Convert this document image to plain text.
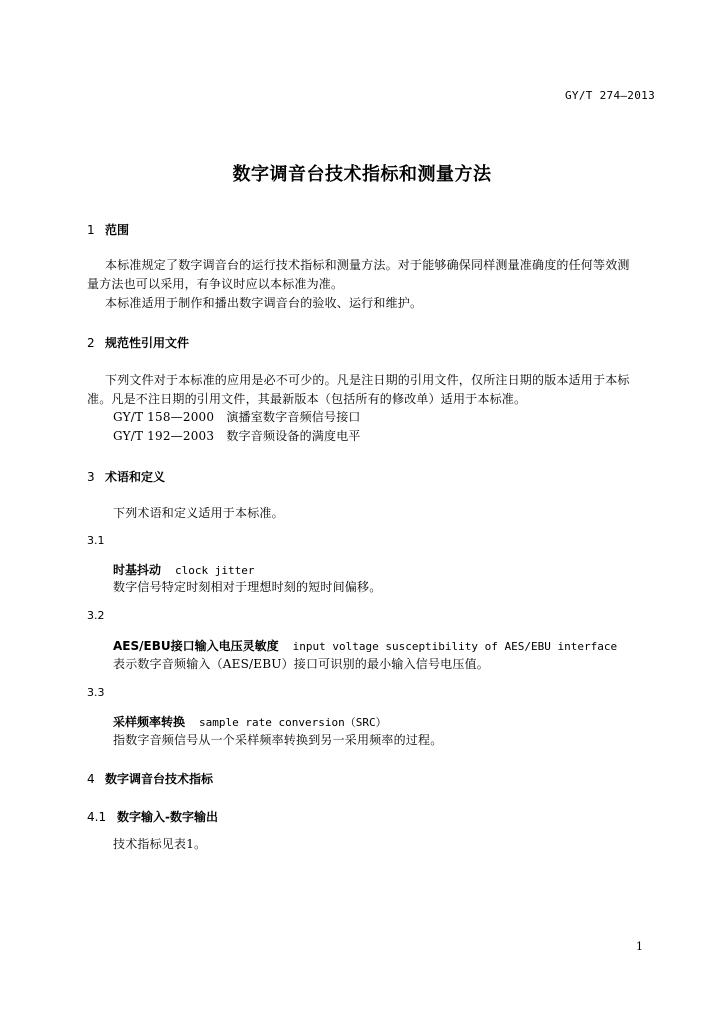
GY/T 274—2013
数字调音台技术指标和测量方法
1 范围
本标准规定了数字调音台的运行技术指标和测量方法。对于能够确保同样测量准确度的任何等效测
量方法也可以采用，有争议时应以本标准为准。
本标准适用于制作和播出数字调音台的验收、运行和维护。
2 规范性引用文件
下列文件对于本标准的应用是必不可少的。凡是注日期的引用文件，仅所注日期的版本适用于本标
准。凡是不注日期的引用文件，其最新版本（包括所有的修改单）适用于本标准。
GY/T 158—2000　演播室数字音频信号接口
GY/T 192—2003　数字音频设备的满度电平
3 术语和定义
下列术语和定义适用于本标准。
3.1
时基抖动 clock jitter
数字信号特定时刻相对于理想时刻的短时间偏移。
3.2
AES/EBU接口输入电压灵敏度 input voltage susceptibility of AES/EBU interface
表示数字音频输入（AES/EBU）接口可识别的最小输入信号电压值。
3.3
采样频率转换 sample rate conversion（SRC）
指数字音频信号从一个采样频率转换到另一采用频率的过程。
4 数字调音台技术指标
4.1 数字输入-数字输出
技术指标见表1。
1
